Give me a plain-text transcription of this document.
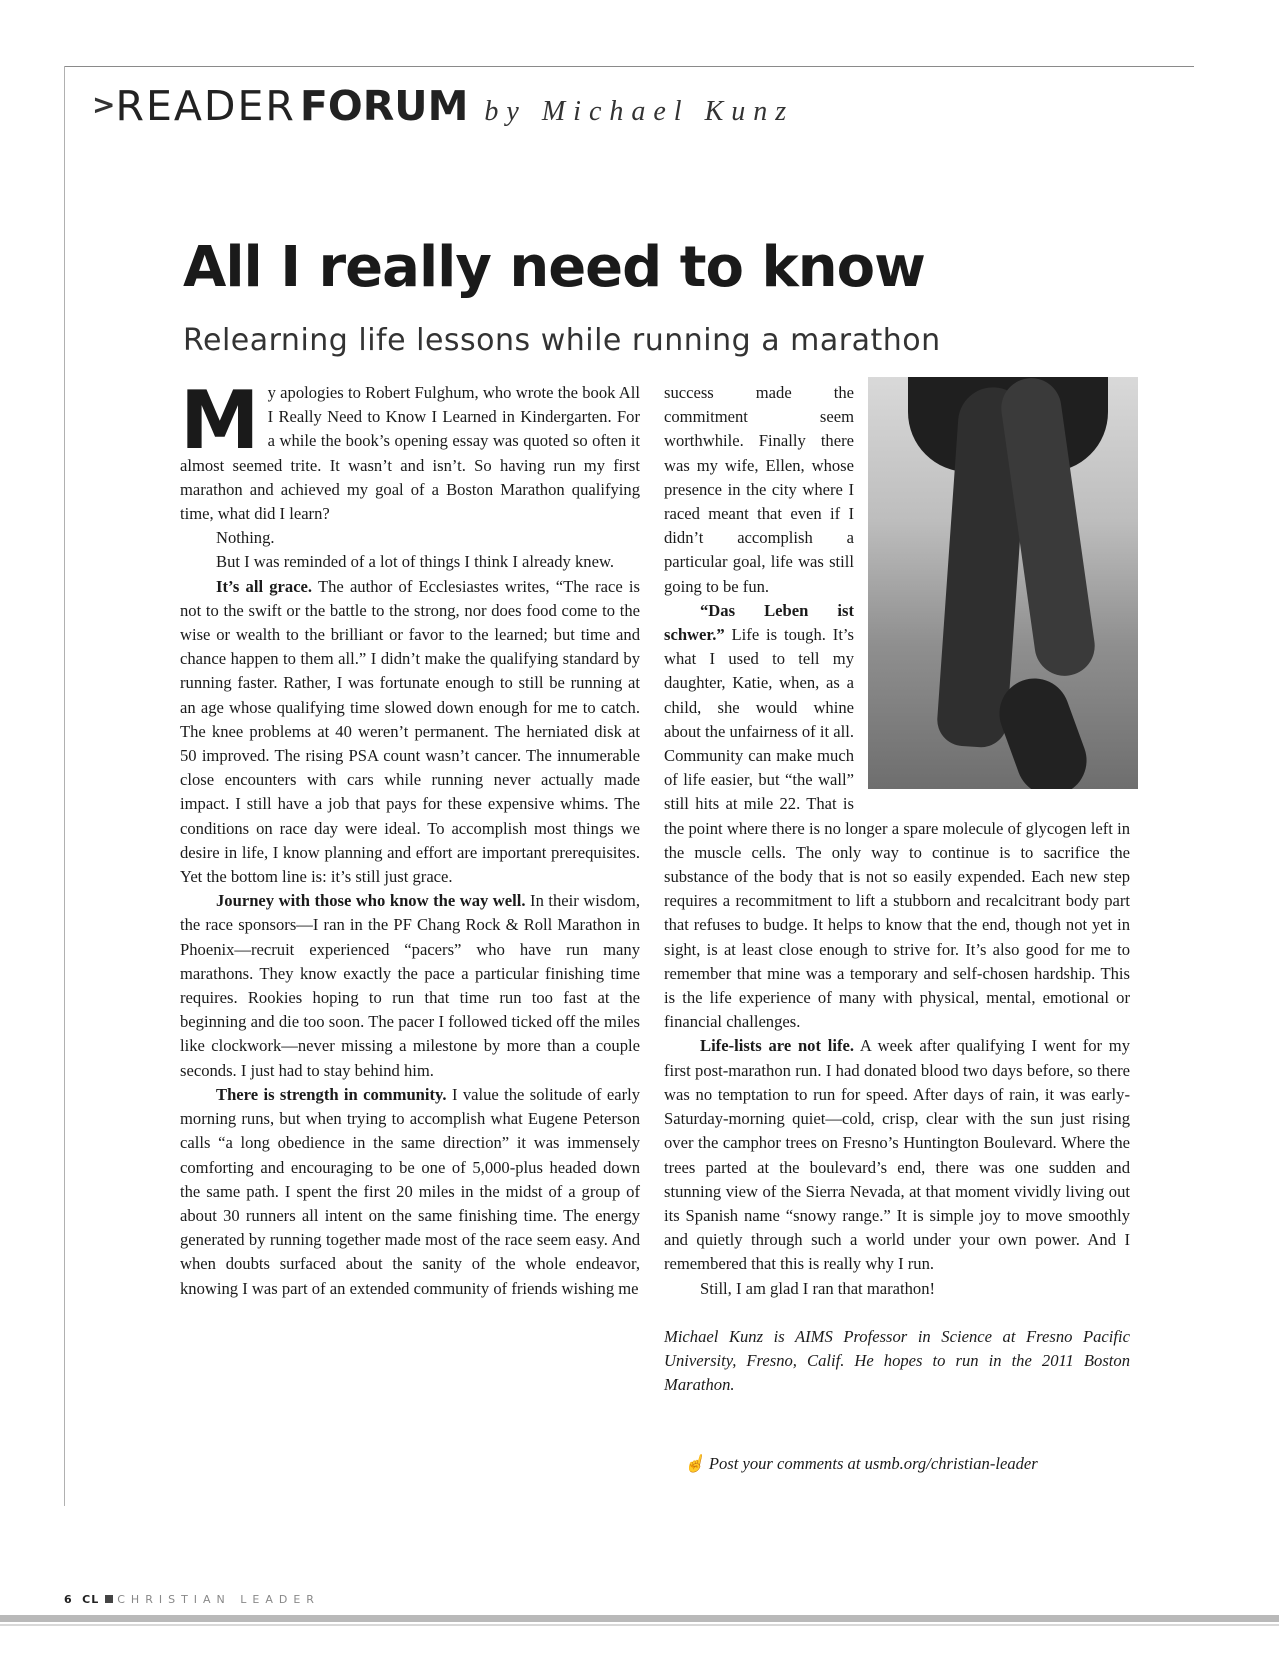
>READER FORUM by Michael Kunz
All I really need to know
Relearning life lessons while running a marathon

My apologies to Robert Fulghum, who wrote the book All I Really Need to Know I Learned in Kindergarten. For a while the book’s opening essay was quoted so often it almost seemed trite. It wasn’t and isn’t. So having run my first marathon and achieved my goal of a Boston Marathon qualifying time, what did I learn?

Nothing.

But I was reminded of a lot of things I think I already knew.

It’s all grace. The author of Ecclesiastes writes, “The race is not to the swift or the battle to the strong, nor does food come to the wise or wealth to the brilliant or favor to the learned; but time and chance happen to them all.” I didn’t make the qualifying standard by running faster. Rather, I was fortunate enough to still be running at an age whose qualifying time slowed down enough for me to catch. The knee problems at 40 weren’t permanent. The herniated disk at 50 improved. The rising PSA count wasn’t cancer. The innumerable close encounters with cars while running never actually made impact. I still have a job that pays for these expensive whims. The conditions on race day were ideal. To accomplish most things we desire in life, I know planning and effort are important prerequisites. Yet the bottom line is: it’s still just grace.

Journey with those who know the way well. In their wisdom, the race sponsors—I ran in the PF Chang Rock & Roll Marathon in Phoenix—recruit experienced “pacers” who have run many marathons. They know exactly the pace a particular finishing time requires. Rookies hoping to run that time run too fast at the beginning and die too soon. The pacer I followed ticked off the miles like clockwork—never missing a milestone by more than a couple seconds. I just had to stay behind him.

There is strength in community. I value the solitude of early morning runs, but when trying to accomplish what Eugene Peterson calls “a long obedience in the same direction” it was immensely comforting and encouraging to be one of 5,000-plus headed down the same path. I spent the first 20 miles in the midst of a group of about 30 runners all intent on the same finishing time. The energy generated by running together made most of the race seem easy. And when doubts surfaced about the sanity of the whole endeavor, knowing I was part of an extended community of friends wishing me

success made the commitment seem worthwhile. Finally there was my wife, Ellen, whose presence in the city where I raced meant that even if I didn’t accomplish a particular goal, life was still going to be fun.

“Das Leben ist schwer.” Life is tough. It’s what I used to tell my daughter, Katie, when, as a child, she would whine about the unfairness of it all. Community can make much of life easier, but “the wall” still hits at mile 22. That is the point where there is no longer a spare molecule of glycogen left in the muscle cells. The only way to continue is to sacrifice the substance of the body that is not so easily expended. Each new step requires a recommitment to lift a stubborn and recalcitrant body part that refuses to budge. It helps to know that the end, though not yet in sight, is at least close enough to strive for. It’s also good for me to remember that mine was a temporary and self-chosen hardship. This is the life experience of many with physical, mental, emotional or financial challenges.

Life-lists are not life. A week after qualifying I went for my first post-marathon run. I had donated blood two days before, so there was no temptation to run for speed. After days of rain, it was early-Saturday-morning quiet—cold, crisp, clear with the sun just rising over the camphor trees on Fresno’s Huntington Boulevard. Where the trees parted at the boulevard’s end, there was one sudden and stunning view of the Sierra Nevada, at that moment vividly living out its Spanish name “snowy range.” It is simple joy to move smoothly and quietly through such a world under your own power. And I remembered that this is really why I run.

Still, I am glad I ran that marathon!

Michael Kunz is AIMS Professor in Science at Fresno Pacific University, Fresno, Calif. He hopes to run in the 2011 Boston Marathon.

☝ Post your comments at usmb.org/christian-leader
6 CL CHRISTIAN LEADER
